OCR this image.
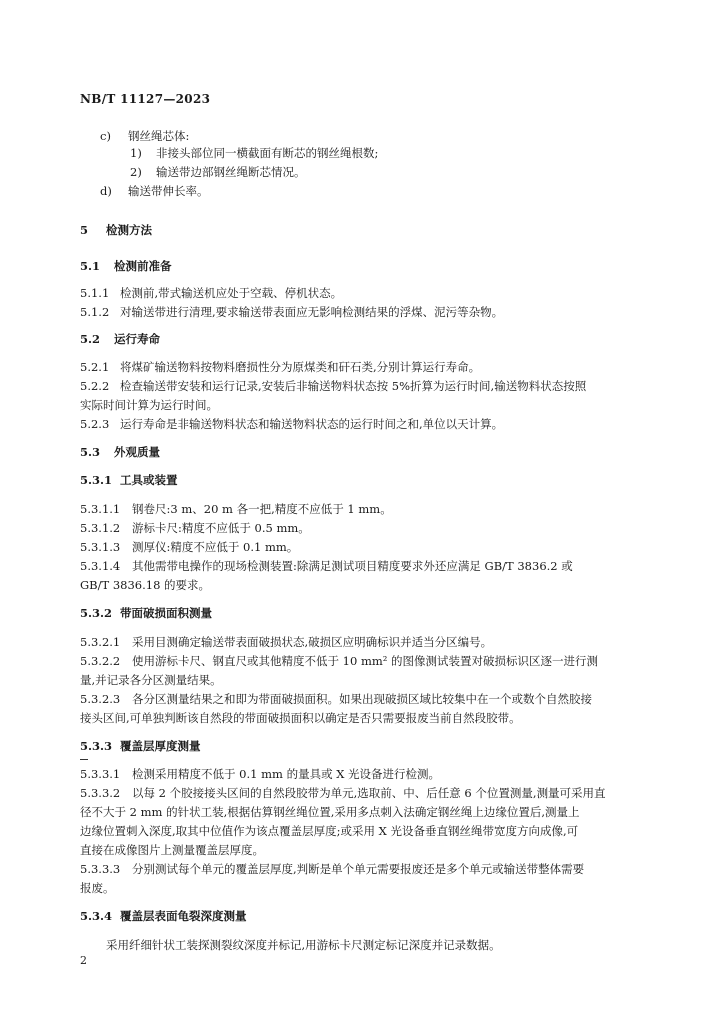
NB/T 11127—2023
c) 钢丝绳芯体:
1) 非接头部位同一横截面有断芯的钢丝绳根数;
2) 输送带边部钢丝绳断芯情况。
d) 输送带伸长率。
5 检测方法
5.1 检测前准备
5.1.1 检测前,带式输送机应处于空载、停机状态。
5.1.2 对输送带进行清理,要求输送带表面应无影响检测结果的浮煤、泥污等杂物。
5.2 运行寿命
5.2.1 将煤矿输送物料按物料磨损性分为原煤类和矸石类,分别计算运行寿命。
5.2.2 检查输送带安装和运行记录,安装后非输送物料状态按 5%折算为运行时间,输送物料状态按照
实际时间计算为运行时间。
5.2.3 运行寿命是非输送物料状态和输送物料状态的运行时间之和,单位以天计算。
5.3 外观质量
5.3.1 工具或装置
5.3.1.1 钢卷尺:3 m、20 m 各一把,精度不应低于 1 mm。
5.3.1.2 游标卡尺:精度不应低于 0.5 mm。
5.3.1.3 测厚仪:精度不应低于 0.1 mm。
5.3.1.4 其他需带电操作的现场检测装置:除满足测试项目精度要求外还应满足 GB/T 3836.2 或
GB/T 3836.18 的要求。
5.3.2 带面破损面积测量
5.3.2.1 采用目测确定输送带表面破损状态,破损区应明确标识并适当分区编号。
5.3.2.2 使用游标卡尺、钢直尺或其他精度不低于 10 mm² 的图像测试装置对破损标识区逐一进行测
量,并记录各分区测量结果。
5.3.2.3 各分区测量结果之和即为带面破损面积。如果出现破损区域比较集中在一个或数个自然胶接
接头区间,可单独判断该自然段的带面破损面积以确定是否只需要报废当前自然段胶带。
5.3.3 覆盖层厚度测量
5.3.3.1 检测采用精度不低于 0.1 mm 的量具或 X 光设备进行检测。
5.3.3.2 以每 2 个胶接接头区间的自然段胶带为单元,选取前、中、后任意 6 个位置测量,测量可采用直
径不大于 2 mm 的针状工装,根据估算钢丝绳位置,采用多点刺入法确定钢丝绳上边缘位置后,测量上
边缘位置刺入深度,取其中位值作为该点覆盖层厚度;或采用 X 光设备垂直钢丝绳带宽度方向成像,可
直接在成像图片上测量覆盖层厚度。
5.3.3.3 分别测试每个单元的覆盖层厚度,判断是单个单元需要报废还是多个单元或输送带整体需要
报废。
5.3.4 覆盖层表面龟裂深度测量
采用纤细针状工装探测裂纹深度并标记,用游标卡尺测定标记深度并记录数据。
2
